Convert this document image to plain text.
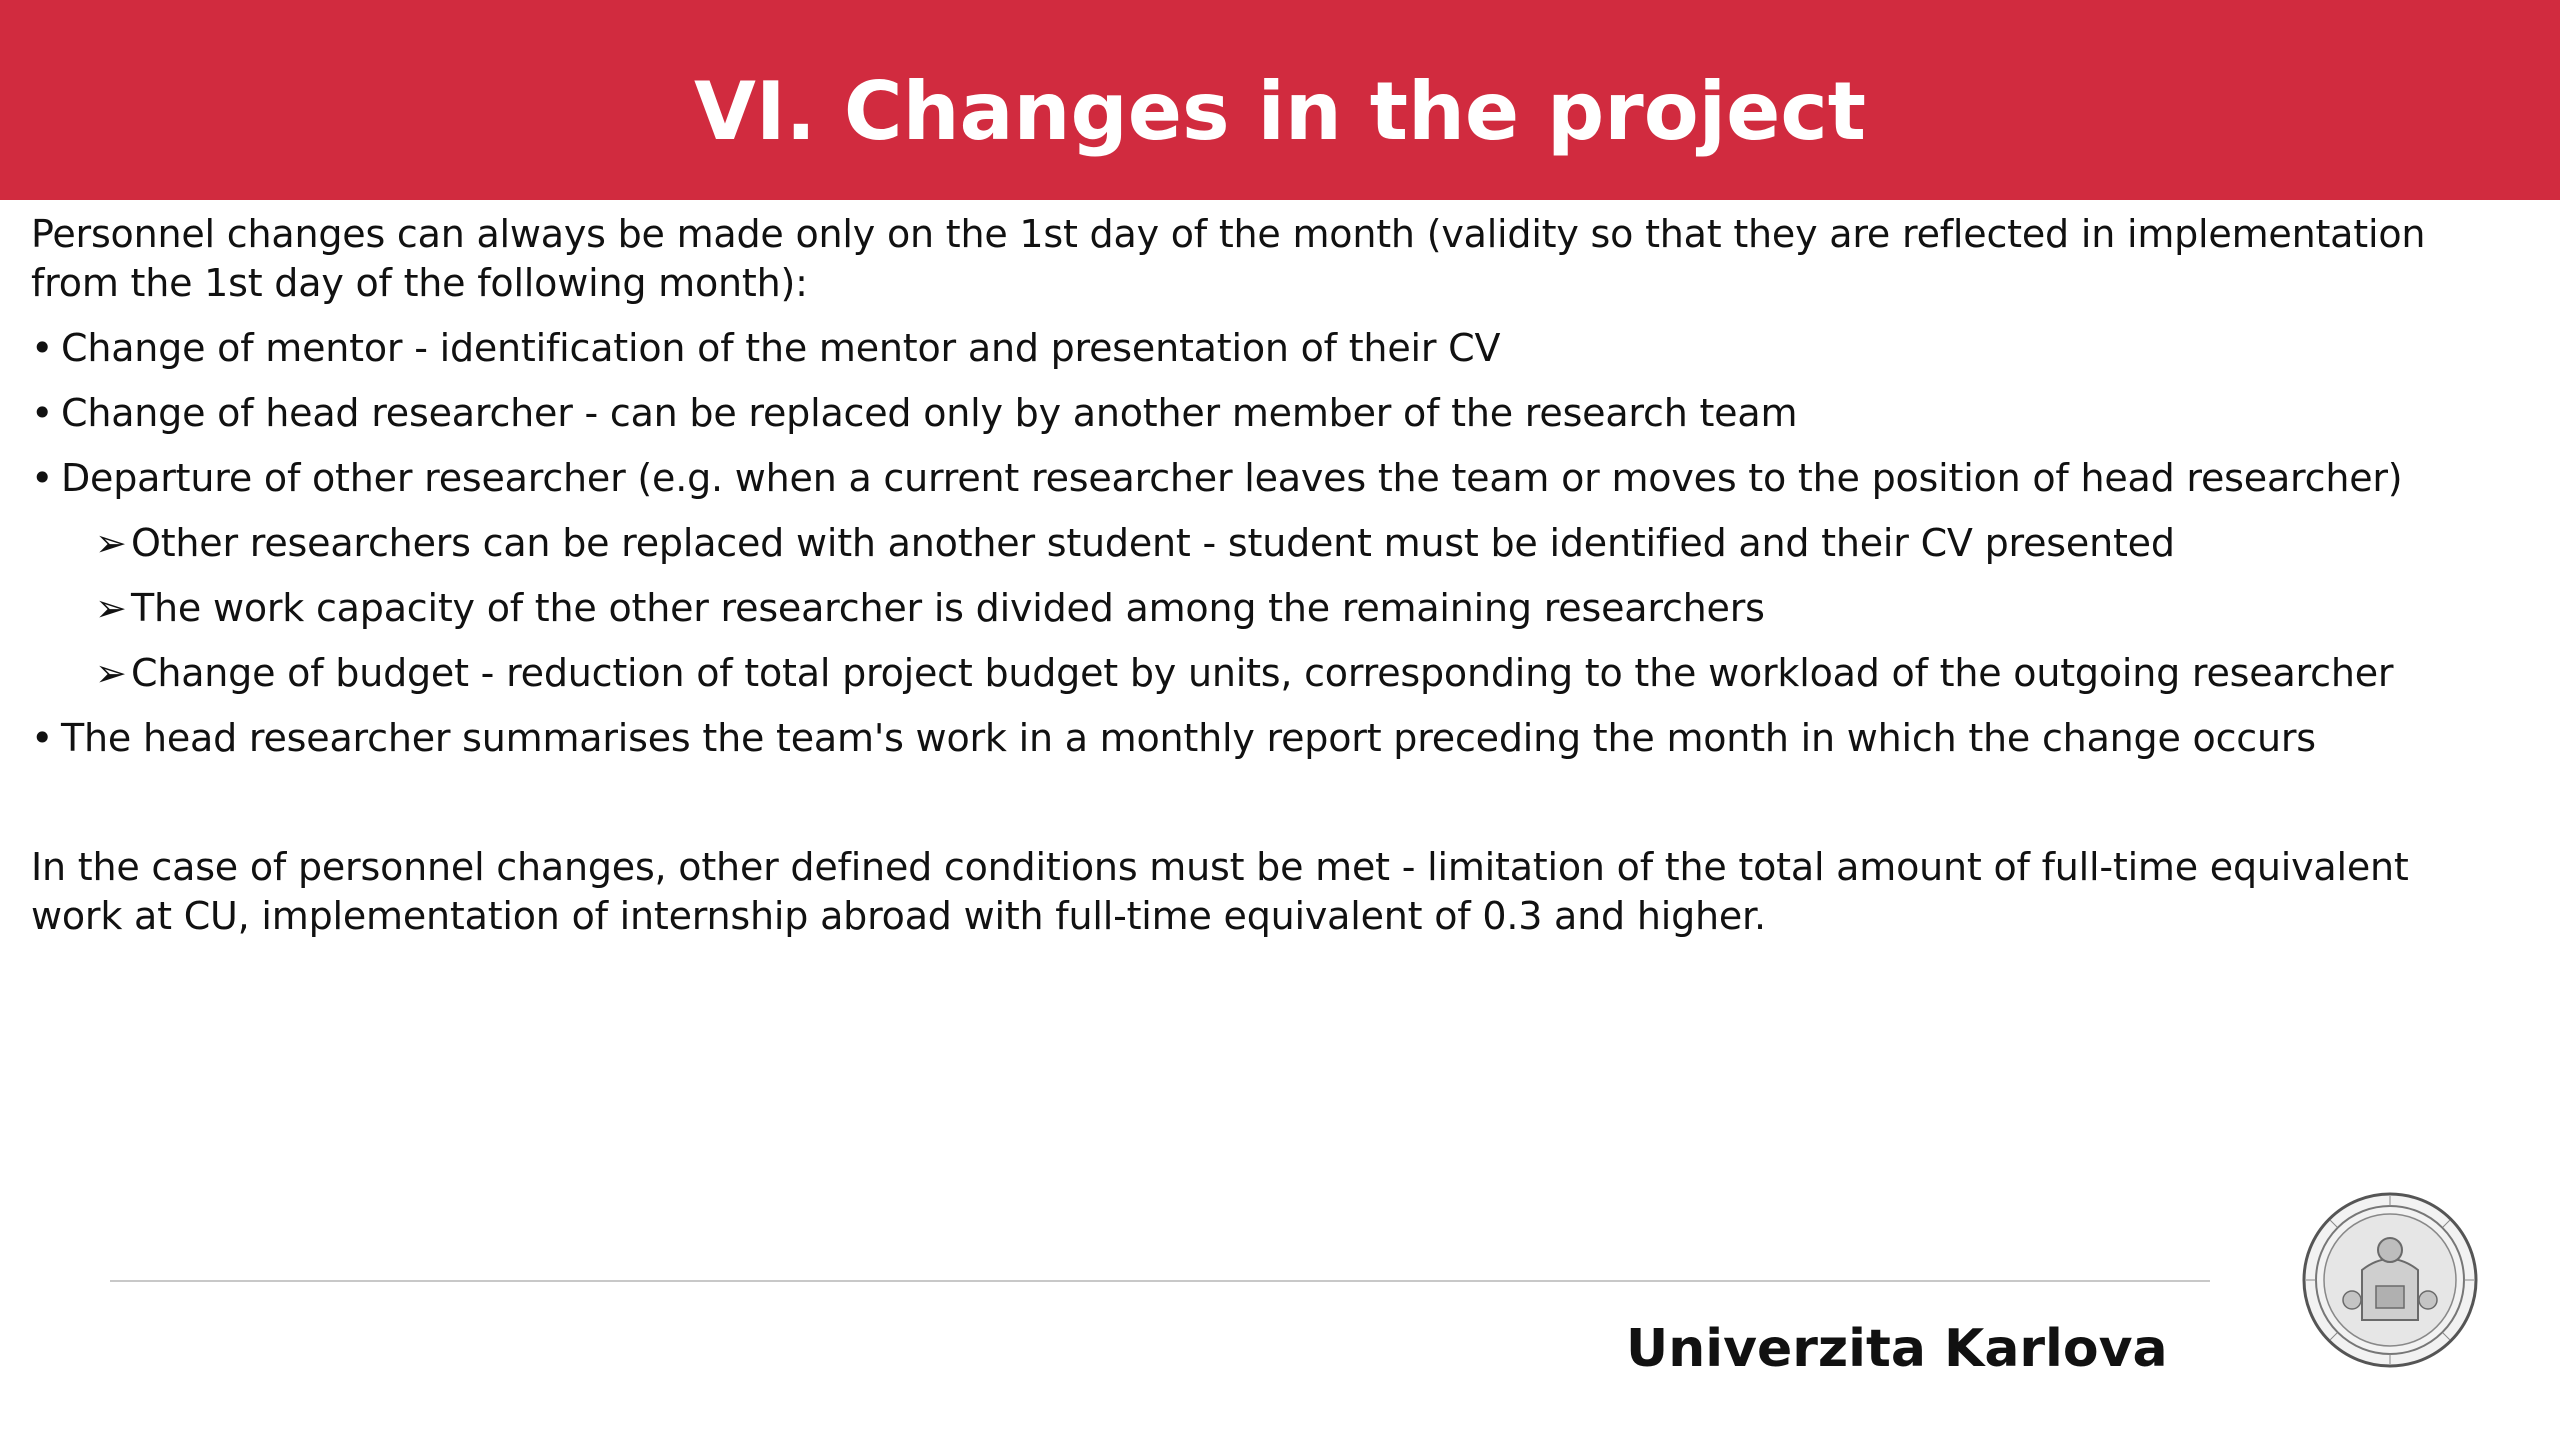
VI. Changes in the project

Personnel changes can always be made only on the 1st day of the month (validity so that they are reflected in implementation from the 1st day of the following month):

• Change of mentor - identification of the mentor and presentation of their CV
• Change of head researcher - can be replaced only by another member of the research team
• Departure of other researcher (e.g. when a current researcher leaves the team or moves to the position of head researcher)
➢ Other researchers can be replaced with another student - student must be identified and their CV presented
➢ The work capacity of the other researcher is divided among the remaining researchers
➢ Change of budget - reduction of total project budget by units, corresponding to the workload of the outgoing researcher
• The head researcher summarises the team's work in a monthly report preceding the month in which the change occurs

In the case of personnel changes, other defined conditions must be met - limitation of the total amount of full-time equivalent work at CU, implementation of internship abroad with full-time equivalent of 0.3 and higher.

Univerzita Karlova
